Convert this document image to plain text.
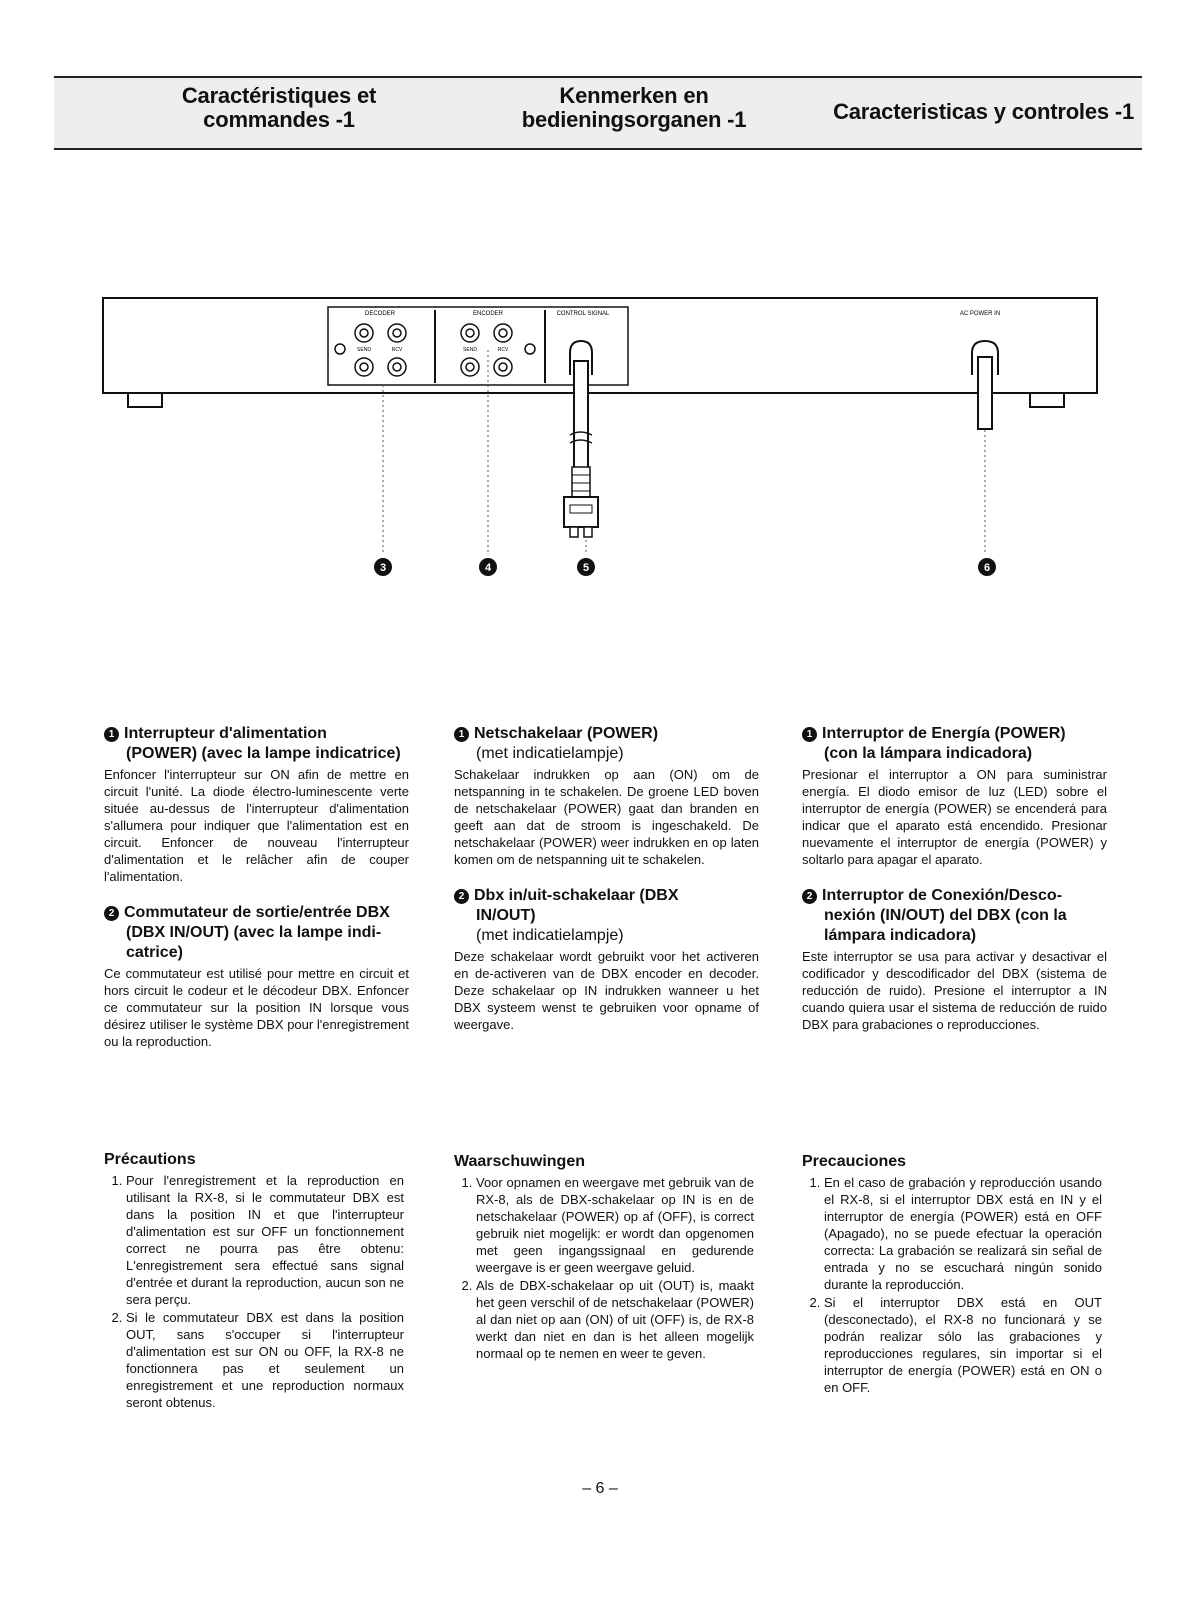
Caractéristiques et
commandes -1
Kenmerken en
bedieningsorganen -1	Caracteristicas y controles -1
DECODER	ENCODER	CONTROL SIGNAL	AC POWER IN
SEND	RCV	SEND	RCV
3	4	5	6
1 Interrupteur d'alimentation
(POWER) (avec la lampe indicatrice)

Enfoncer l'interrupteur sur ON afin de mettre en circuit l'unité. La diode électro-luminescente verte située au-dessus de l'interrupteur d'alimentation s'allumera pour indiquer que l'alimentation est en circuit. Enfoncer de nouveau l'interrupteur d'alimentation et le relâcher afin de couper l'alimentation.

2 Commutateur de sortie/entrée DBX
(DBX IN/OUT) (avec la lampe indi-
catrice)

Ce commutateur est utilisé pour mettre en circuit et hors circuit le codeur et le décodeur DBX. Enfoncer ce commutateur sur la position IN lorsque vous désirez utiliser le système DBX pour l'enregistrement ou la reproduction.

1 Netschakelaar (POWER)
(met indicatielampje)

Schakelaar indrukken op aan (ON) om de netspanning in te schakelen. De groene LED boven de netschakelaar (POWER) gaat dan branden en geeft aan dat de stroom is ingeschakeld. De netschakelaar (POWER) weer indrukken en op laten komen om de netspanning uit te schakelen.

2 Dbx in/uit-schakelaar (DBX
IN/OUT)
(met indicatielampje)

Deze schakelaar wordt gebruikt voor het activeren en de-activeren van de DBX encoder en decoder. Deze schakelaar op IN indrukken wanneer u het DBX systeem wenst te gebruiken voor opname of weergave.

1 Interruptor de Energía (POWER)
(con la lámpara indicadora)

Presionar el interruptor a ON para suministrar energía. El diodo emisor de luz (LED) sobre el interruptor de energía (POWER) se encenderá para indicar que el aparato está encendido. Presionar nuevamente el interruptor de energía (POWER) y soltarlo para apagar el aparato.

2 Interruptor de Conexión/Desco-
nexión (IN/OUT) del DBX (con la
lámpara indicadora)

Este interruptor se usa para activar y desactivar el codificador y descodificador del DBX (sistema de reducción de ruido). Presione el interruptor a IN cuando quiera usar el sistema de reducción de ruido DBX para grabaciones o reproducciones.

Précautions
1. Pour l'enregistrement et la reproduction en utilisant la RX-8, si le commutateur DBX est dans la position IN et que l'interrupteur d'alimentation est sur OFF un fonctionnement correct ne pourra pas être obtenu: L'enregistrement sera effectué sans signal d'entrée et durant la reproduction, aucun son ne sera perçu.
2. Si le commutateur DBX est dans la position OUT, sans s'occuper si l'interrupteur d'alimentation est sur ON ou OFF, la RX-8 ne fonctionnera pas et seulement un enregistrement et une reproduction normaux seront obtenus.
Waarschuwingen
1. Voor opnamen en weergave met gebruik van de RX-8, als de DBX-schakelaar op IN is en de netschakelaar (POWER) op af (OFF), is correct gebruik niet mogelijk: er wordt dan opgenomen met geen ingangssignaal en gedurende weergave is er geen weergave geluid.
2. Als de DBX-schakelaar op uit (OUT) is, maakt het geen verschil of de netschakelaar (POWER) al dan niet op aan (ON) of uit (OFF) is, de RX-8 werkt dan niet en dan is het alleen mogelijk normaal op te nemen en weer te geven.
Precauciones
1. En el caso de grabación y reproducción usando el RX-8, si el interruptor DBX está en IN y el interruptor de energía (POWER) está en OFF (Apagado), no se puede efectuar la operación correcta: La grabación se realizará sin señal de entrada y no se escuchará ningún sonido durante la reproducción.
2. Si el interruptor DBX está en OUT (desconectado), el RX-8 no funcionará y se podrán realizar sólo las grabaciones y reproducciones regulares, sin importar si el interruptor de energía (POWER) está en ON o en OFF.
– 6 –
